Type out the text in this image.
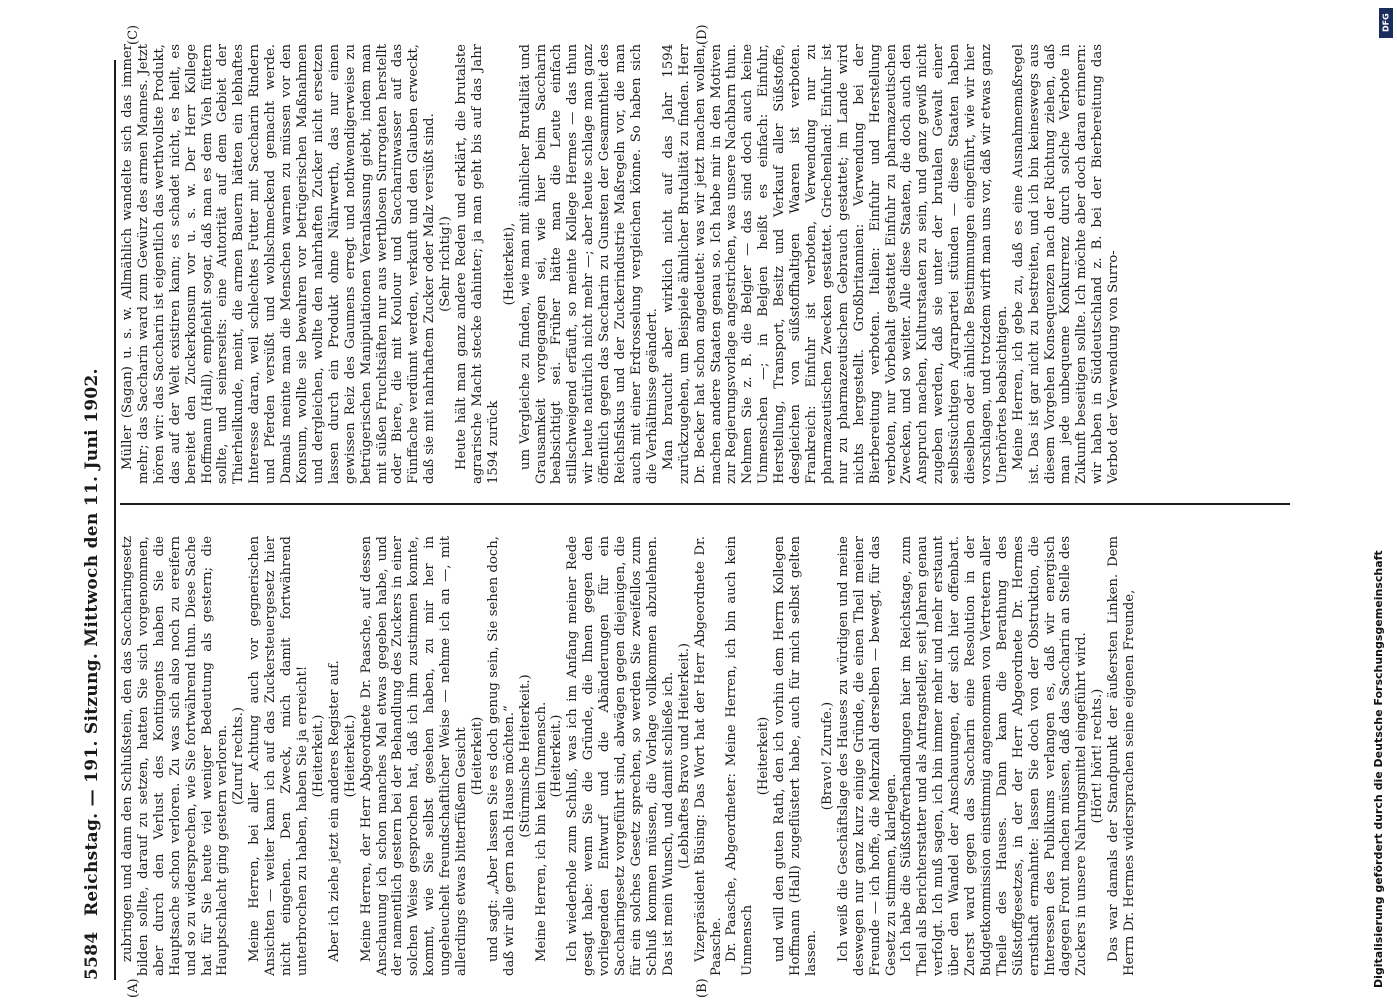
5584
Reichstag. — 191. Sitzung. Mittwoch den 11. Juni 1902. zubringen und dann den Schlußstein, den das Saccharingesetz bilden sollte, darauf zu setzen, hatten Sie sich vorgenommen, aber durch den Verlust des Kontingents haben Sie die Hauptsache schon verloren. Zu was sich also noch zu ereifern und so zu widersprechen, wie Sie fortwährend thun. Diese Sache hat für Sie heute viel weniger Bedeutung als gestern; die Hauptschlacht ging gestern verloren. (Zuruf rechts.) Meine Herren, bei aller Achtung auch vor gegnerischen Ansichten — weiter kann ich auf das Zuckersteuergesetz hier nicht eingehen. Den Zweck, mich damit fortwährend unterbrochen zu haben, haben Sie ja erreicht! (Heiterkeit.) Aber ich ziehe jetzt ein anderes Register auf. (Heiterkeit.) Meine Herren, der Herr Abgeordnete Dr. Paasche, auf dessen Anschauung ich schon manches Mal etwas gegeben habe, und der namentlich gestern bei der Behandlung des Zuckers in einer solchen Weise gesprochen hat, daß ich ihm zustimmen konnte, kommt, wie Sie selbst gesehen haben, zu mir her in ungeheuchelt freundschaftlicher Weise — nehme ich an —, mit allerdings etwas bitterfüßem Gesicht (Heiterkeit) und sagt: „Aber lassen Sie es doch genug sein, Sie sehen doch, daß wir alle gern nach Hause möchten.“ (Stürmische Heiterkeit.) Meine Herren, ich bin kein Unmensch. (Heiterkeit.) Ich wiederhole zum Schluß, was ich im Anfang meiner Rede gesagt habe: wenn Sie die Gründe, die Ihnen gegen den vorliegenden Entwurf und die Abänderungen für ein Saccharingesetz vorgeführt sind, abwägen gegen diejenigen, die für ein solches Gesetz sprechen, so werden Sie zweifellos zum Schluß kommen müssen, die Vorlage vollkommen abzulehnen. Das ist mein Wunsch, und damit schließe ich. (Lebhaftes Bravo und Heiterkeit.) Vizepräsident Büsing: Das Wort hat der Herr Abgeordnete Dr. Paasche. Dr. Paasche, Abgeordneter: Meine Herren, ich bin auch kein Unmensch

(Heiterkeit) und will den guten Rath, den ich vorhin dem Herrn Kollegen Hoffmann (Hall) zugeflüstert habe, auch für mich selbst gelten lassen.

(Bravo! Zurufe.) Ich weiß die Geschäftslage des Hauses zu würdigen und meine deswegen nur ganz kurz einige Gründe, die einen Theil meiner Freunde — ich hoffe, die Mehrzahl derselben — bewegt, für das Gesetz zu stimmen, klarlegen. Ich habe die Süßstoffverhandlungen hier im Reichstage, zum Theil als Berichterstatter und als Antragsteller, seit Jahren genau verfolgt. Ich muß sagen, ich bin immer mehr und mehr erstaunt über den Wandel der Anschauungen, der sich hier offenbart. Zuerst ward gegen das Saccharin eine Resolution in der Budgetkommission einstimmig angenommen von Vertretern aller Theile des Hauses. Dann kam die Berathung des Süßstoffgesetzes, in der der Herr Abgeordnete Dr. Hermes ernsthaft ermahnte: lassen Sie doch von der Obstruktion, die Interessen des Publikums verlangen es, daß wir energisch dagegen Front machen müssen, daß das Saccharin an Stelle des Zuckers in unsere Nahrungsmittel eingeführt wird. (Hört! hört! rechts.) Das war damals der Standpunkt der äußersten Linken. Dem Herrn Dr. Hermes widersprachen seine eigenen Freunde,

Müller (Sagan) u. s. w. Allmählich wandelte sich das immer mehr; das Saccharin ward zum Gewürz des armen Mannes. Jetzt hören wir: das Saccharin ist eigentlich das werthvollste Produkt, das auf der Welt existiren kann; es schadet nicht, es heilt, es bereitet den Zuckerkonsum vor u. s. w. Der Herr Kollege Hoffmann (Hall), empfiehlt sogar, daß man es dem Vieh füttern sollte, und seinerseits: eine Autorität auf dem Gebiet der Thierheilkunde, meint, die armen Bauern hätten ein lebhaftes Interesse daran, weil schlechtes Futter mit Saccharin Rindern und Pferden versüßt und wohlschmeckend gemacht werde. Damals meinte man die Menschen warnen zu müssen vor den Konsum, wollte sie bewahren vor betrügerischen Maßnahmen und dergleichen, wollte den nahrhaften Zucker nicht ersetzen lassen durch ein Produkt ohne Nährwerth, das nur einen gewissen Reiz des Gaumens erregt und nothwendigerweise zu betrügerischen Manipulationen Veranlassung giebt, indem man mit süßen Fruchtsäften nur aus werthlosen Surrogaten herstellt oder Biere, die mit Koulour und Saccharinwasser auf das Fünffache verdünnt werden, verkauft und den Glauben erweckt, daß sie mit nahrhaftem Zucker oder Malz versüßt sind. (Sehr richtig!) Heute hält man ganz andere Reden und erklärt, die brutalste agrarische Macht stecke dahinter; ja man geht bis auf das Jahr 1594 zurück

(Heiterkeit), um Vergleiche zu finden, wie man mit ähnlicher Brutalität und Grausamkeit vorgegangen sei, wie hier beim Saccharin beabsichtigt sei. Früher hätte man die Leute einfach stillschweigend erfäuft, so meinte Kollege Hermes — das thun wir heute natürlich nicht mehr —; aber heute schlage man ganz öffentlich gegen das Saccharin zu Gunsten der Gesammtheit des Reichsfiskus und der Zuckerindustrie Maßregeln vor, die man auch mit einer Erdrosselung vergleichen könne. So haben sich die Verhältnisse geändert. Man braucht aber wirklich nicht auf das Jahr 1594 zurückzugehen, um Beispiele ähnlicher Brutalität zu finden. Herr Dr. Becker hat schon angedeutet: was wir jetzt machen wollen, machen andere Staaten genau so. Ich habe mir in den Motiven zur Regierungsvorlage angestrichen, was unsere Nachbarn thun. Nehmen Sie z. B. die Belgier — das sind doch auch keine Unmenschen —; in Belgien heißt es einfach: Einfuhr, Herstellung, Transport, Besitz und Verkauf aller Süßstoffe, desgleichen von süßstoffhaltigen Waaren ist verboten. Frankreich: Einfuhr ist verboten, Verwendung nur zu pharmazeutischen Zwecken gestattet. Griechenland: Einfuhr ist nur zu pharmazeutischem Gebrauch gestattet; im Lande wird nichts hergestellt. Großbritannien: Verwendung bei der Bierbereitung verboten. Italien: Einfuhr und Herstellung verboten, nur Vorbehalt gestattet Einfuhr zu pharmazeutischen Zwecken, und so weiter. Alle diese Staaten, die doch auch den Anspruch machen, Kulturstaaten zu sein, und ganz gewiß nicht zugeben werden, daß sie unter der brutalen Gewalt einer selbstsüchtigen Agrarpartei stünden — diese Staaten haben dieselben oder ähnliche Bestimmungen eingeführt, wie wir hier vorschlagen, und trotzdem wirft man uns vor, daß wir etwas ganz Unerhörtes beabsichtigen. Meine Herren, ich gebe zu, daß es eine Ausnahmemaßregel ist. Das ist gar nicht zu bestreiten, und ich bin keineswegs aus diesem Vorgehen Konsequenzen nach der Richtung ziehen, daß man jede unbequeme Konkurrenz durch solche Verbote in Zukunft beseitigen sollte. Ich möchte aber doch daran erinnern: wir haben in Süddeutschland z. B. bei der Bierbereitung das Verbot der Verwendung von Surro-

(A)	(B)
(C)	(D)
Digitalisierung gefördert durch die Deutsche Forschungsgemeinschaft
DFG
